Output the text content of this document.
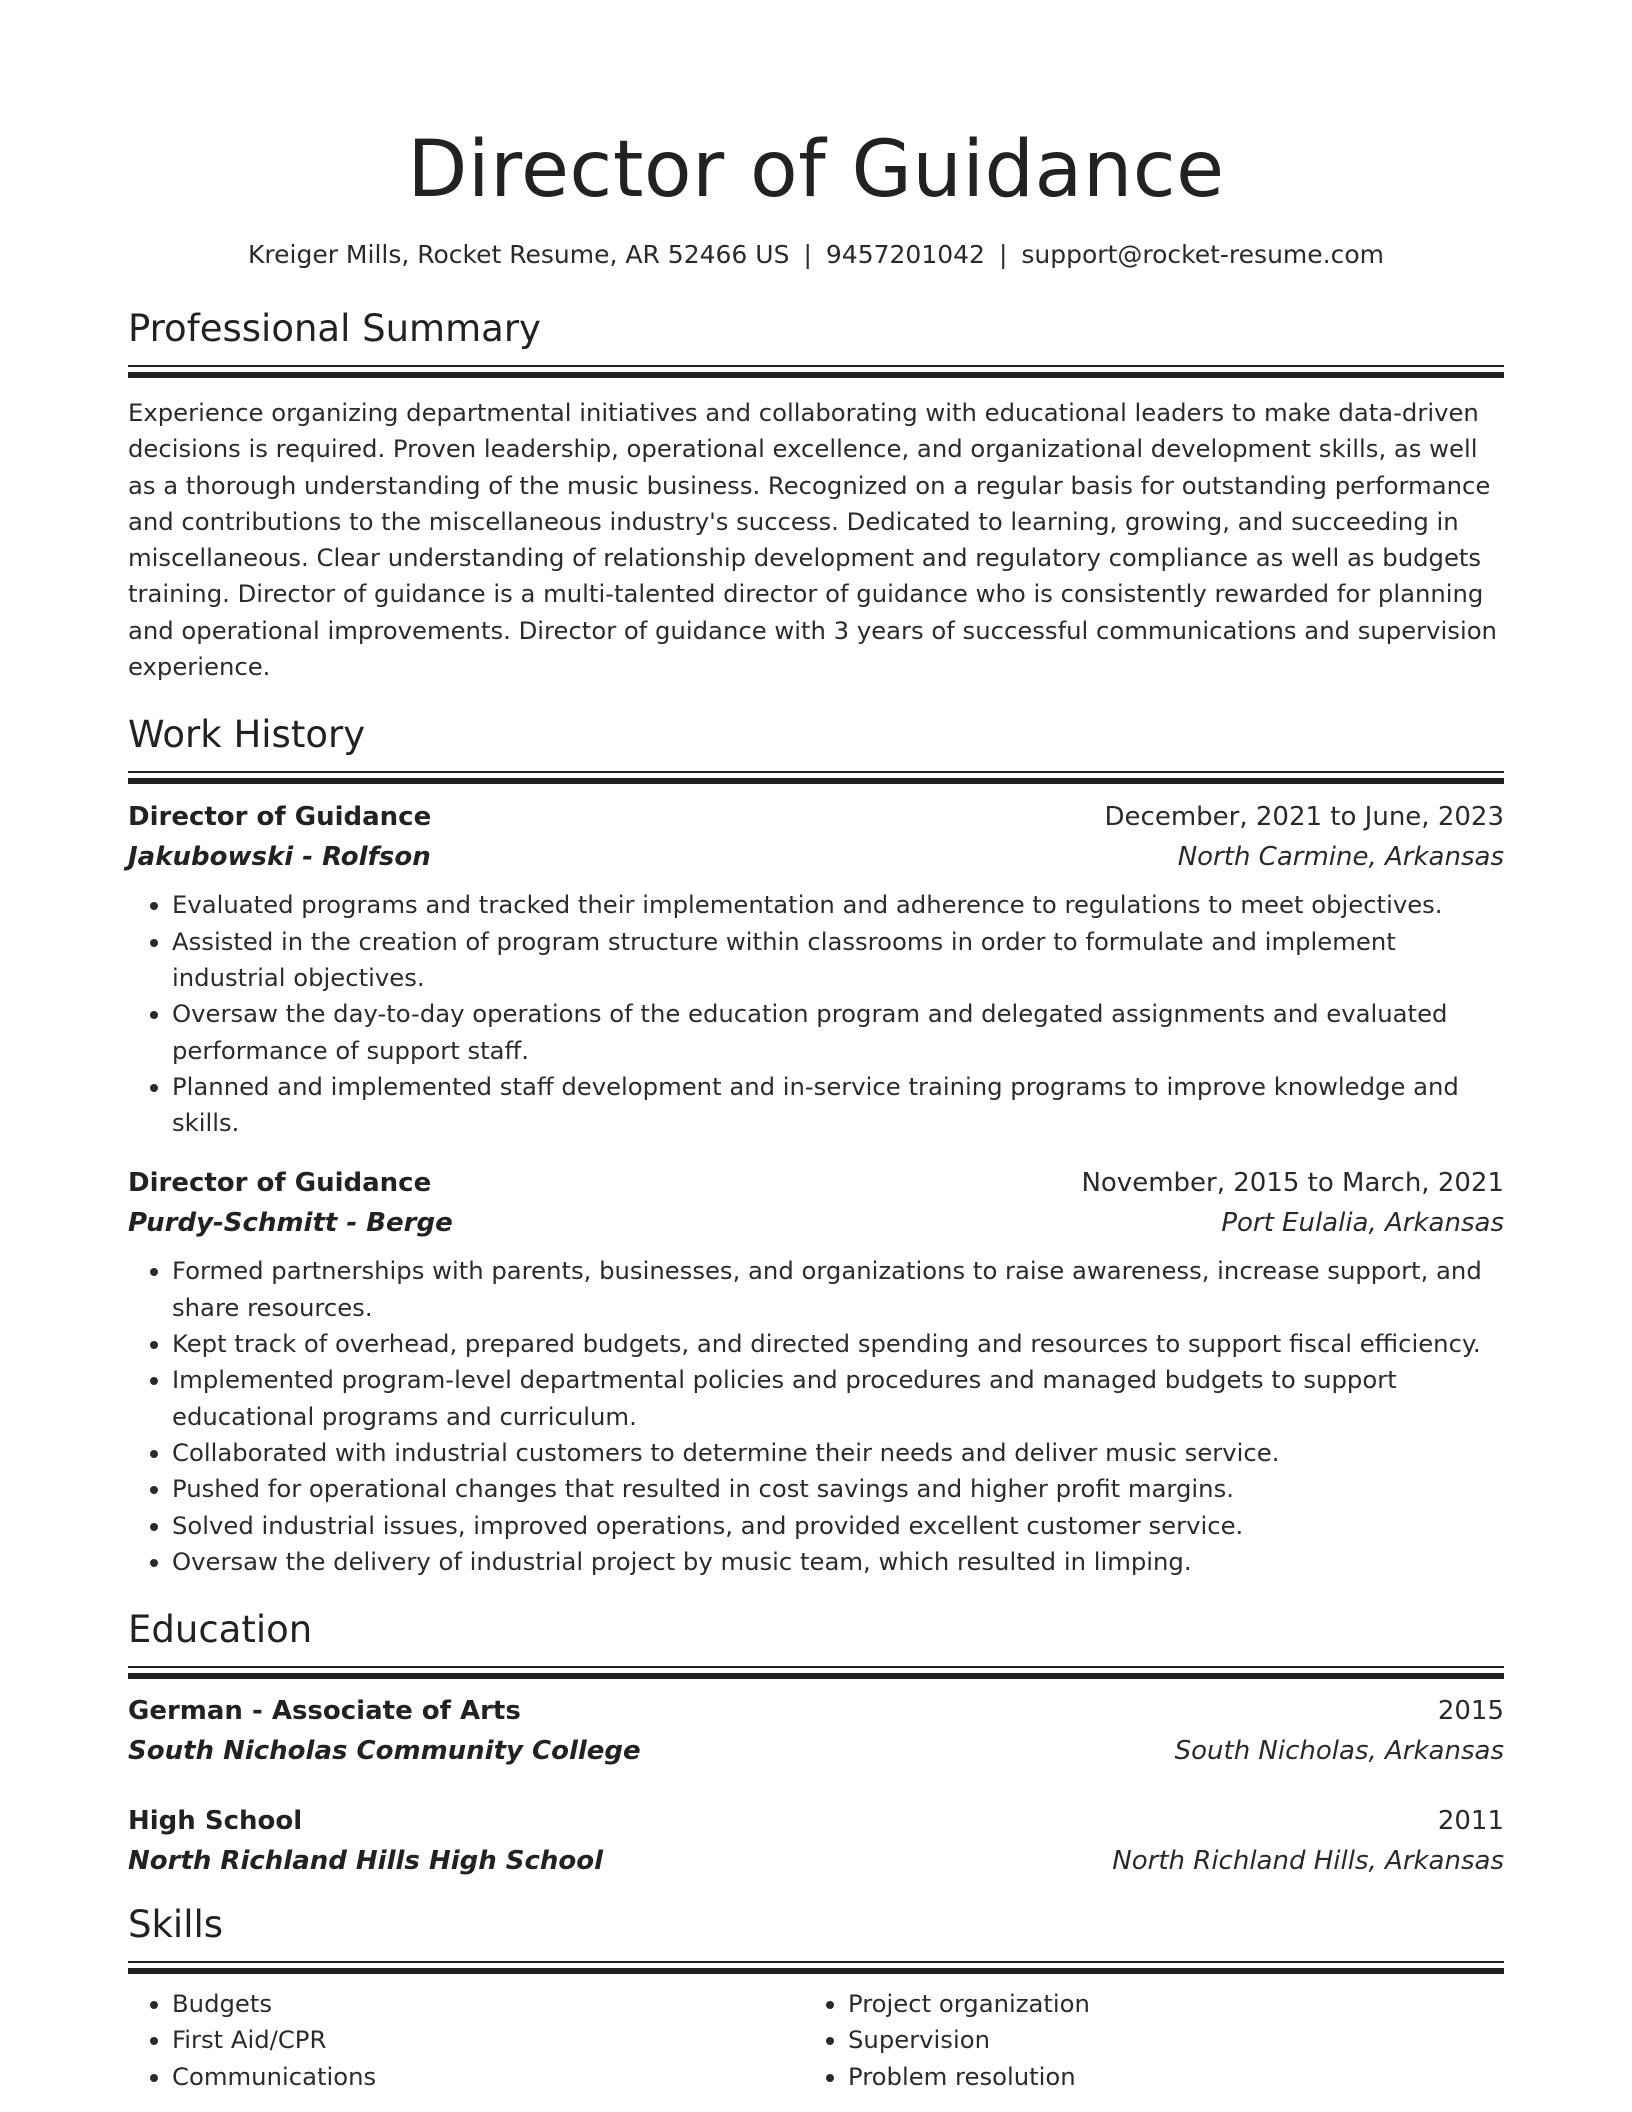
Director of Guidance
Kreiger Mills, Rocket Resume, AR 52466 US | 9457201042 | support@rocket-resume.com
Professional Summary
Experience organizing departmental initiatives and collaborating with educational leaders to make data-driven decisions is required. Proven leadership, operational excellence, and organizational development skills, as well as a thorough understanding of the music business. Recognized on a regular basis for outstanding performance and contributions to the miscellaneous industry's success. Dedicated to learning, growing, and succeeding in miscellaneous. Clear understanding of relationship development and regulatory compliance as well as budgets training. Director of guidance is a multi-talented director of guidance who is consistently rewarded for planning and operational improvements. Director of guidance with 3 years of successful communications and supervision experience.
Work History
Director of Guidance	December, 2021 to June, 2023
Jakubowski - Rolfson	North Carmine, Arkansas
• Evaluated programs and tracked their implementation and adherence to regulations to meet objectives.
• Assisted in the creation of program structure within classrooms in order to formulate and implement industrial objectives.
• Oversaw the day-to-day operations of the education program and delegated assignments and evaluated performance of support staff.
• Planned and implemented staff development and in-service training programs to improve knowledge and skills.
Director of Guidance	November, 2015 to March, 2021
Purdy-Schmitt - Berge	Port Eulalia, Arkansas
• Formed partnerships with parents, businesses, and organizations to raise awareness, increase support, and share resources.
• Kept track of overhead, prepared budgets, and directed spending and resources to support fiscal efficiency.
• Implemented program-level departmental policies and procedures and managed budgets to support educational programs and curriculum.
• Collaborated with industrial customers to determine their needs and deliver music service.
• Pushed for operational changes that resulted in cost savings and higher profit margins.
• Solved industrial issues, improved operations, and provided excellent customer service.
• Oversaw the delivery of industrial project by music team, which resulted in limping.
Education
German - Associate of Arts	2015
South Nicholas Community College	South Nicholas, Arkansas
High School	2011
North Richland Hills High School	North Richland Hills, Arkansas
Skills
• Budgets
• First Aid/CPR
• Communications
• Project organization
• Supervision
• Problem resolution
